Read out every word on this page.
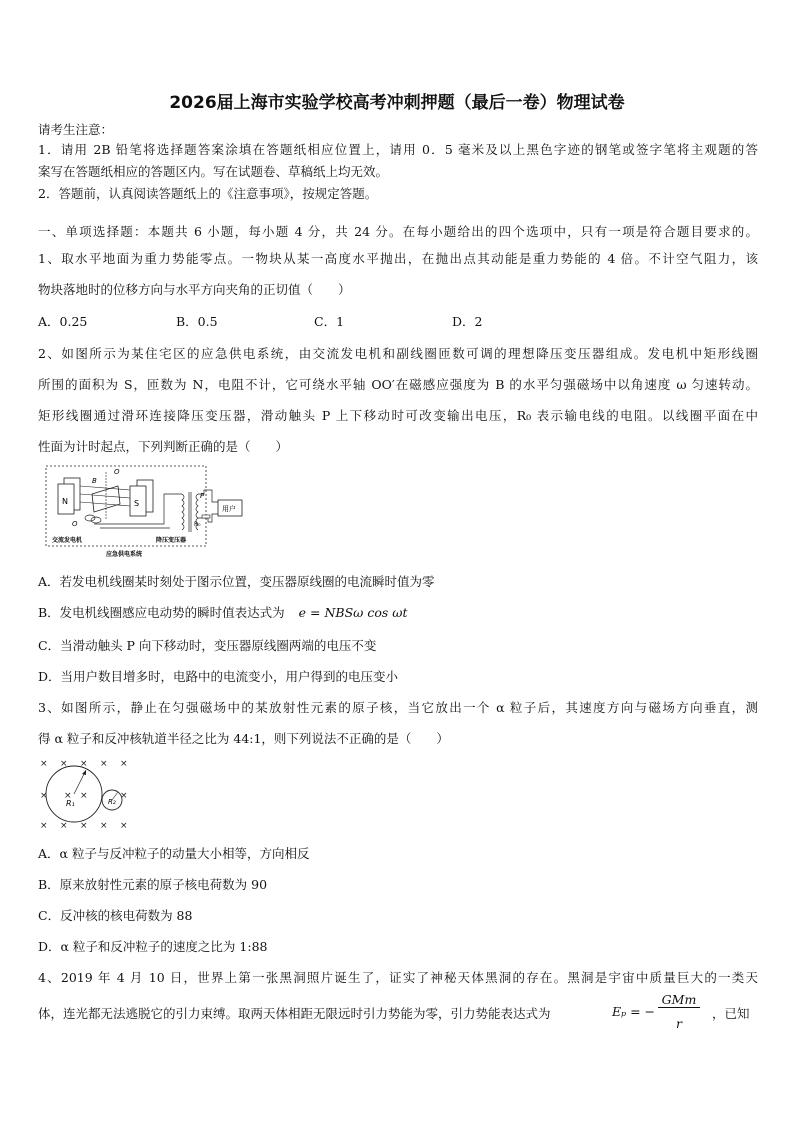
2026届上海市实验学校高考冲刺押题（最后一卷）物理试卷
请考生注意：
1．请用 2B 铅笔将选择题答案涂填在答题纸相应位置上，请用 0．5 毫米及以上黑色字迹的钢笔或签字笔将主观题的答
案写在答题纸相应的答题区内。写在试题卷、草稿纸上均无效。
2．答题前，认真阅读答题纸上的《注意事项》，按规定答题。
一、单项选择题：本题共 6 小题，每小题 4 分，共 24 分。在每小题给出的四个选项中，只有一项是符合题目要求的。
1、取水平地面为重力势能零点。一物块从某一高度水平抛出，在抛出点其动能是重力势能的 4 倍。不计空气阻力，该
物块落地时的位移方向与水平方向夹角的正切值（　　）
A．0.25	B．0.5	C．1	D．2
2、如图所示为某住宅区的应急供电系统，由交流发电机和副线圈匝数可调的理想降压变压器组成。发电机中矩形线圈
所围的面积为 S，匝数为 N，电阻不计，它可绕水平轴 OO′在磁感应强度为 B 的水平匀强磁场中以角速度 ω 匀速转动。
矩形线圈通过滑环连接降压变压器，滑动触头 P 上下移动时可改变输出电压，R₀ 表示输电线的电阻。以线圈平面在中
性面为计时起点，下列判断正确的是（　　）
N	S
B
O
O
P
R₀
交流发电机	降压变压器
应急供电系统
用户
A．若发电机线圈某时刻处于图示位置，变压器原线圈的电流瞬时值为零
B．发电机线圈感应电动势的瞬时值表达式为 e = NBSω cos ωt
C．当滑动触头 P 向下移动时，变压器原线圈两端的电压不变
D．当用户数目增多时，电路中的电流变小，用户得到的电压变小
3、如图所示，静止在匀强磁场中的某放射性元素的原子核，当它放出一个 α 粒子后，其速度方向与磁场方向垂直，测
得 α 粒子和反冲核轨道半径之比为 44:1，则下列说法不正确的是（　　）
× × × × ×
× × ×	×
× × × × ×
R₁	R₂
A．α 粒子与反冲粒子的动量大小相等，方向相反
B．原来放射性元素的原子核电荷数为 90
C．反冲核的核电荷数为 88
D．α 粒子和反冲粒子的速度之比为 1:88
4、2019 年 4 月 10 日，世界上第一张黑洞照片诞生了，证实了神秘天体黑洞的存在。黑洞是宇宙中质量巨大的一类天
体，连光都无法逃脱它的引力束缚。取两天体相距无限远时引力势能为零，引力势能表达式为	Eₚ = −
GMm
r
，已知
